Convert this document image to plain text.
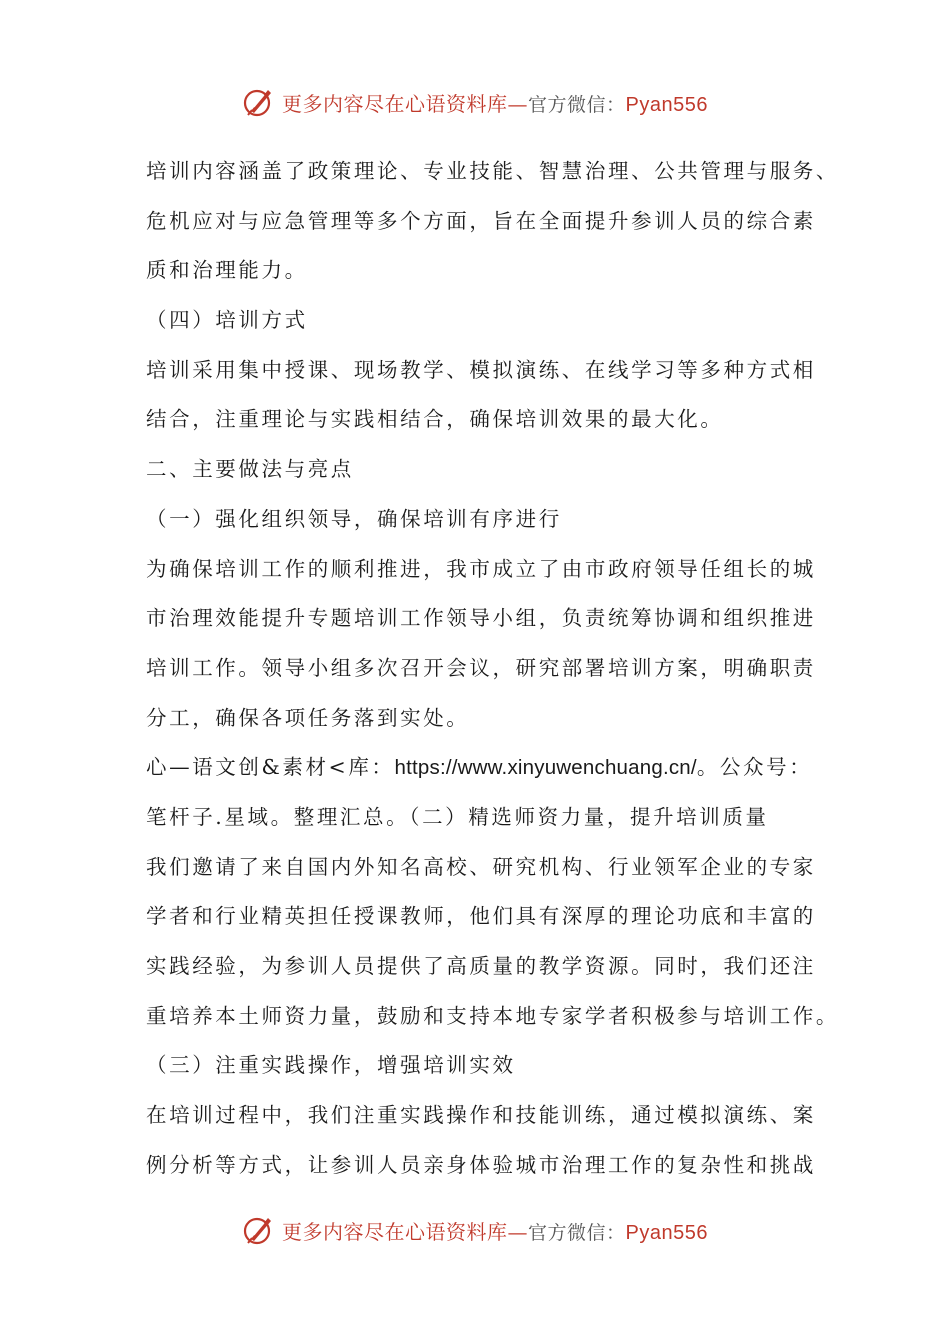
更多内容尽在心语资料库—官方微信：Pyan556
培训内容涵盖了政策理论、专业技能、智慧治理、公共管理与服务、
危机应对与应急管理等多个方面，旨在全面提升参训人员的综合素
质和治理能力。
（四）培训方式
培训采用集中授课、现场教学、模拟演练、在线学习等多种方式相
结合，注重理论与实践相结合，确保培训效果的最大化。
二、主要做法与亮点
（一）强化组织领导，确保培训有序进行
为确保培训工作的顺利推进，我市成立了由市政府领导任组长的城
市治理效能提升专题培训工作领导小组，负责统筹协调和组织推进
培训工作。领导小组多次召开会议，研究部署培训方案，明确职责
分工，确保各项任务落到实处。
心—语文创&素材<库：https://www.xinyuwenchuang.cn/。公众号：
笔杆子.星域。整理汇总。（二）精选师资力量，提升培训质量
我们邀请了来自国内外知名高校、研究机构、行业领军企业的专家
学者和行业精英担任授课教师，他们具有深厚的理论功底和丰富的
实践经验，为参训人员提供了高质量的教学资源。同时，我们还注
重培养本土师资力量，鼓励和支持本地专家学者积极参与培训工作。
（三）注重实践操作，增强培训实效
在培训过程中，我们注重实践操作和技能训练，通过模拟演练、案
例分析等方式，让参训人员亲身体验城市治理工作的复杂性和挑战
更多内容尽在心语资料库—官方微信：Pyan556
